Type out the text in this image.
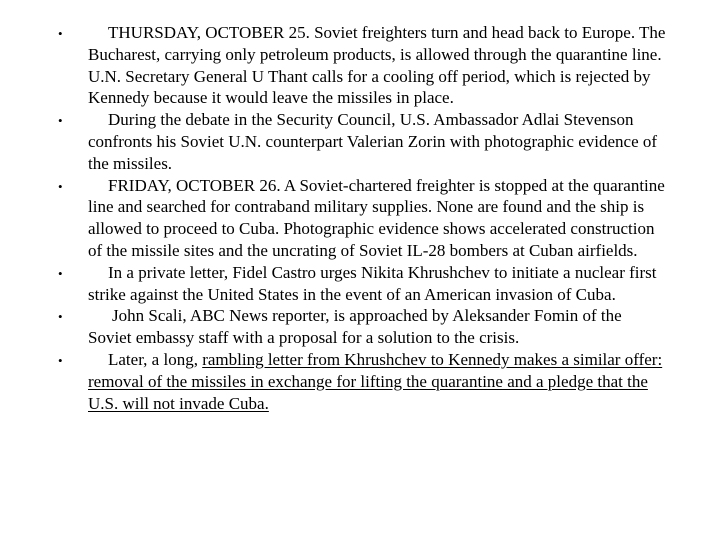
•	THURSDAY, OCTOBER 25. Soviet freighters turn and head back to Europe. The Bucharest, carrying only petroleum products, is allowed through the quarantine line. U.N. Secretary General U Thant calls for a cooling off period, which is rejected by Kennedy because it would leave the missiles in place.
•	During the debate in the Security Council, U.S. Ambassador Adlai Stevenson confronts his Soviet U.N. counterpart Valerian Zorin with photographic evidence of the missiles.
•	FRIDAY, OCTOBER 26. A Soviet-chartered freighter is stopped at the quarantine line and searched for contraband military supplies. None are found and the ship is allowed to proceed to Cuba. Photographic evidence shows accelerated construction of the missile sites and the uncrating of Soviet IL-28 bombers at Cuban airfields.
•	In a private letter, Fidel Castro urges Nikita Khrushchev to initiate a nuclear first strike against the United States in the event of an American invasion of Cuba.
•	John Scali, ABC News reporter, is approached by Aleksander Fomin of the Soviet embassy staff with a proposal for a solution to the crisis.
•	Later, a long, rambling letter from Khrushchev to Kennedy makes a similar offer: removal of the missiles in exchange for lifting the quarantine and a pledge that the U.S. will not invade Cuba.
